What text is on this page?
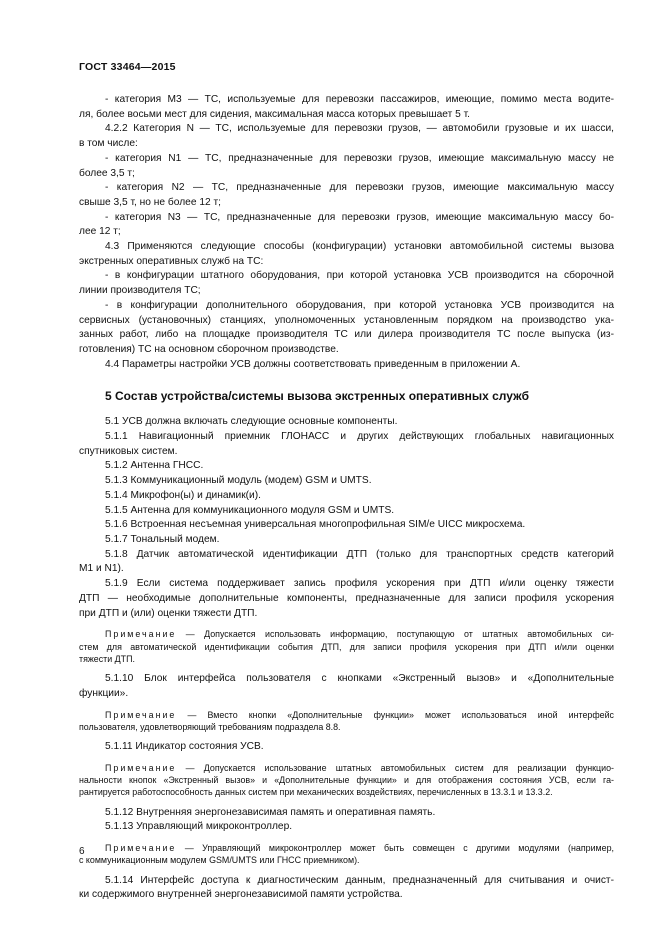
ГОСТ 33464—2015

- категория М3 — ТС, используемые для перевозки пассажиров, имеющие, помимо места водите-

ля, более восьми мест для сидения, максимальная масса которых превышает 5 т.

4.2.2 Категория N — ТС, используемые для перевозки грузов, — автомобили грузовые и их шасси,

в том числе:

- категория N1 — ТС, предназначенные для перевозки грузов, имеющие максимальную массу не

более 3,5 т;

- категория N2 — ТС, предназначенные для перевозки грузов, имеющие максимальную массу

свыше 3,5 т, но не более 12 т;

- категория N3 — ТС, предназначенные для перевозки грузов, имеющие максимальную массу бо-

лее 12 т;

4.3 Применяются следующие способы (конфигурации) установки автомобильной системы вызова

экстренных оперативных служб на ТС:

- в конфигурации штатного оборудования, при которой установка УСВ производится на сборочной

линии производителя ТС;

- в конфигурации дополнительного оборудования, при которой установка УСВ производится на

сервисных (установочных) станциях, уполномоченных установленным порядком на производство ука-

занных работ, либо на площадке производителя ТС или дилера производителя ТС после выпуска (из-

готовления) ТС на основном сборочном производстве.

4.4 Параметры настройки УСВ должны соответствовать приведенным в приложении А.

5 Состав устройства/системы вызова экстренных оперативных служб

5.1 УСВ должна включать следующие основные компоненты.

5.1.1 Навигационный приемник ГЛОНАСС и других действующих глобальных навигационных

спутниковых систем.

5.1.2 Антенна ГНСС.

5.1.3 Коммуникационный модуль (модем) GSM и UMTS.

5.1.4 Микрофон(ы) и динамик(и).

5.1.5 Антенна для коммуникационного модуля GSM и UMTS.

5.1.6 Встроенная несъемная универсальная многопрофильная SIM/е UICC микросхема.

5.1.7 Тональный модем.

5.1.8 Датчик автоматической идентификации ДТП (только для транспортных средств категорий

M1 и N1).

5.1.9 Если система поддерживает запись профиля ускорения при ДТП и/или оценку тяжести

ДТП — необходимые дополнительные компоненты, предназначенные для записи профиля ускорения

при ДТП и (или) оценки тяжести ДТП.

Примечание — Допускается использовать информацию, поступающую от штатных автомобильных си-
стем для автоматической идентификации события ДТП, для записи профиля ускорения при ДТП и/или оценки
тяжести ДТП.

5.1.10 Блок интерфейса пользователя с кнопками «Экстренный вызов» и «Дополнительные

функции».

Примечание — Вместо кнопки «Дополнительные функции» может использоваться иной интерфейс
пользователя, удовлетворяющий требованиям подраздела 8.8.

5.1.11 Индикатор состояния УСВ.

Примечание — Допускается использование штатных автомобильных систем для реализации функцио-
нальности кнопок «Экстренный вызов» и «Дополнительные функции» и для отображения состояния УСВ, если га-
рантируется работоспособность данных систем при механических воздействиях, перечисленных в 13.3.1 и 13.3.2.

5.1.12 Внутренняя энергонезависимая память и оперативная память.

5.1.13 Управляющий микроконтроллер.

Примечание — Управляющий микроконтроллер может быть совмещен с другими модулями (например,
с коммуникационным модулем GSM/UMTS или ГНСС приемником).

5.1.14 Интерфейс доступа к диагностическим данным, предназначенный для считывания и очист-

ки содержимого внутренней энергонезависимой памяти устройства.

6
